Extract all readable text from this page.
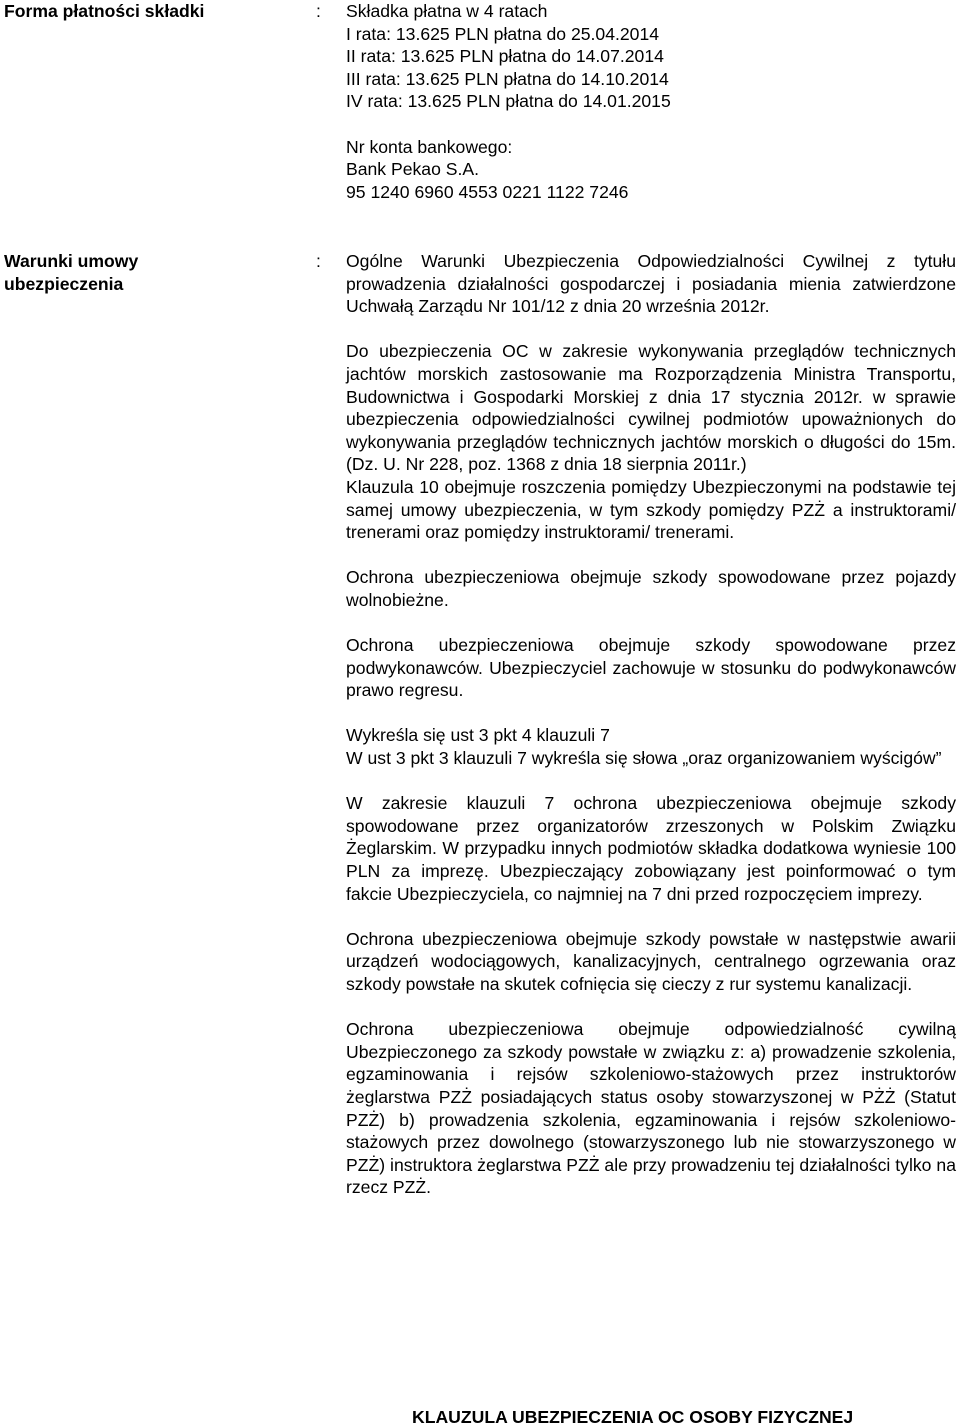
Forma płatności składki	:	Składka płatna w 4 ratach

I rata: 13.625 PLN płatna do 25.04.2014

II rata: 13.625 PLN płatna do 14.07.2014

III rata: 13.625 PLN płatna do 14.10.2014

IV rata: 13.625 PLN płatna do 14.01.2015

Nr konta bankowego:

Bank Pekao S.A.

95 1240 6960 4553 0221 1122 7246

Warunki umowy
ubezpieczenia
:	Ogólne Warunki Ubezpieczenia Odpowiedzialności Cywilnej z tytułu prowadzenia działalności gospodarczej i posiadania mienia zatwierdzone Uchwałą Zarządu Nr 101/12 z dnia 20 września 2012r.

Do ubezpieczenia OC w zakresie wykonywania przeglądów technicznych jachtów morskich zastosowanie ma Rozporządzenia Ministra Transportu, Budownictwa i Gospodarki Morskiej z dnia 17 stycznia 2012r. w sprawie ubezpieczenia odpowiedzialności cywilnej podmiotów upoważnionych do wykonywania przeglądów technicznych jachtów morskich o długości do 15m. (Dz. U. Nr 228, poz. 1368 z dnia 18 sierpnia 2011r.)

Klauzula 10 obejmuje roszczenia pomiędzy Ubezpieczonymi na podstawie tej samej umowy ubezpieczenia, w tym szkody pomiędzy PZŻ a instruktorami/ trenerami oraz pomiędzy instruktorami/ trenerami.

Ochrona ubezpieczeniowa obejmuje szkody spowodowane przez pojazdy wolnobieżne.

Ochrona ubezpieczeniowa obejmuje szkody spowodowane przez podwykonawców. Ubezpieczyciel zachowuje w stosunku do podwykonawców prawo regresu.

Wykreśla się ust 3 pkt 4 klauzuli 7

W ust 3 pkt 3 klauzuli 7 wykreśla się słowa „oraz organizowaniem wyścigów”

W zakresie klauzuli 7 ochrona ubezpieczeniowa obejmuje szkody spowodowane przez organizatorów zrzeszonych w Polskim Związku Żeglarskim. W przypadku innych podmiotów składka dodatkowa wyniesie 100 PLN za imprezę. Ubezpieczający zobowiązany jest poinformować o tym fakcie Ubezpieczyciela, co najmniej na 7 dni przed rozpoczęciem imprezy.

Ochrona ubezpieczeniowa obejmuje szkody powstałe w następstwie awarii urządzeń wodociągowych, kanalizacyjnych, centralnego ogrzewania oraz szkody powstałe na skutek cofnięcia się cieczy z rur systemu kanalizacji.

Ochrona ubezpieczeniowa obejmuje odpowiedzialność cywilną Ubezpieczonego za szkody powstałe w związku z: a) prowadzenie szkolenia, egzaminowania i rejsów szkoleniowo-stażowych przez instruktorów żeglarstwa PZŻ posiadających status osoby stowarzyszonej w PŻŻ (Statut PZŻ) b) prowadzenia szkolenia, egzaminowania i rejsów szkoleniowo-stażowych przez dowolnego (stowarzyszonego lub nie stowarzyszonego w PZŻ) instruktora żeglarstwa PZŻ ale przy prowadzeniu tej działalności tylko na rzecz PZŻ.

KLAUZULA UBEZPIECZENIA OC OSOBY FIZYCZNEJ
